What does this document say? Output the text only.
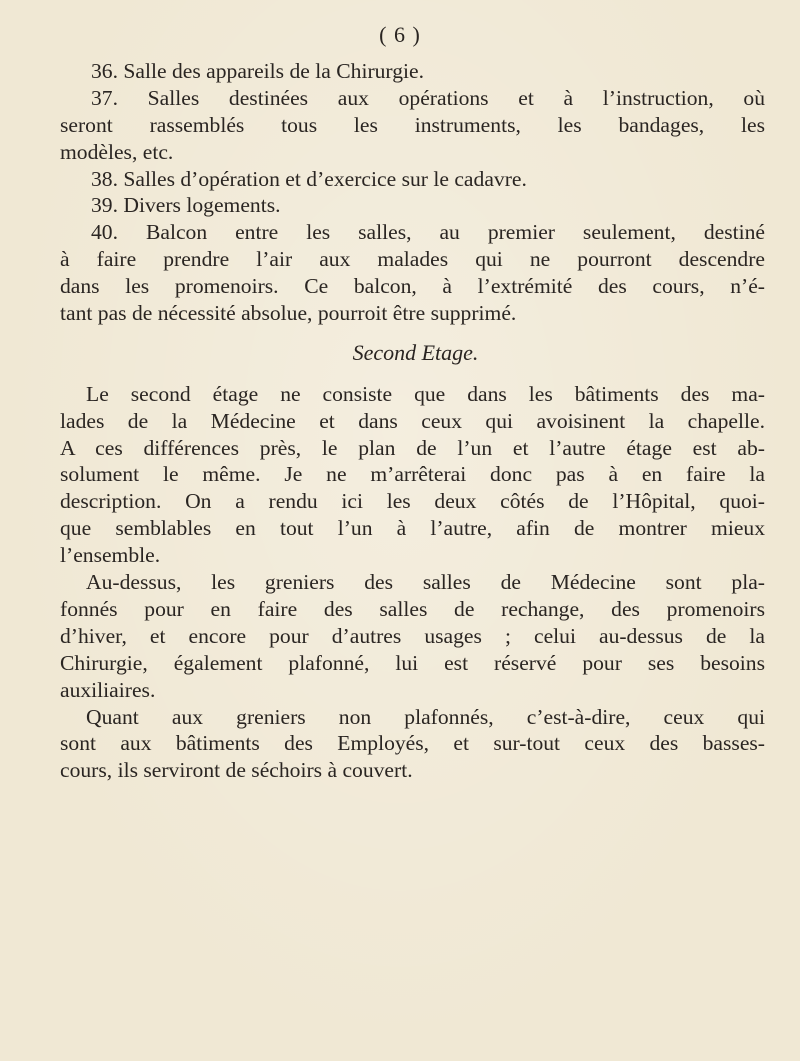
( 6 )
36. Salle des appareils de la Chirurgie.
37. Salles destinées aux opérations et à l’instruction, où
seront rassemblés tous les instruments, les bandages, les
modèles, etc.
38. Salles d’opération et d’exercice sur le cadavre.
39. Divers logements.
40. Balcon entre les salles, au premier seulement, destiné
à faire prendre l’air aux malades qui ne pourront descendre
dans les promenoirs. Ce balcon, à l’extrémité des cours, n’é-
tant pas de nécessité absolue, pourroit être supprimé.
Second Etage.
Le second étage ne consiste que dans les bâtiments des ma-
lades de la Médecine et dans ceux qui avoisinent la chapelle.
A ces différences près, le plan de l’un et l’autre étage est ab-
solument le même. Je ne m’arrêterai donc pas à en faire la
description. On a rendu ici les deux côtés de l’Hôpital, quoi-
que semblables en tout l’un à l’autre, afin de montrer mieux
l’ensemble.
Au-dessus, les greniers des salles de Médecine sont pla-
fonnés pour en faire des salles de rechange, des promenoirs
d’hiver, et encore pour d’autres usages ; celui au-dessus de la
Chirurgie, également plafonné, lui est réservé pour ses besoins
auxiliaires.
Quant aux greniers non plafonnés, c’est-à-dire, ceux qui
sont aux bâtiments des Employés, et sur-tout ceux des basses-
cours, ils serviront de séchoirs à couvert.
